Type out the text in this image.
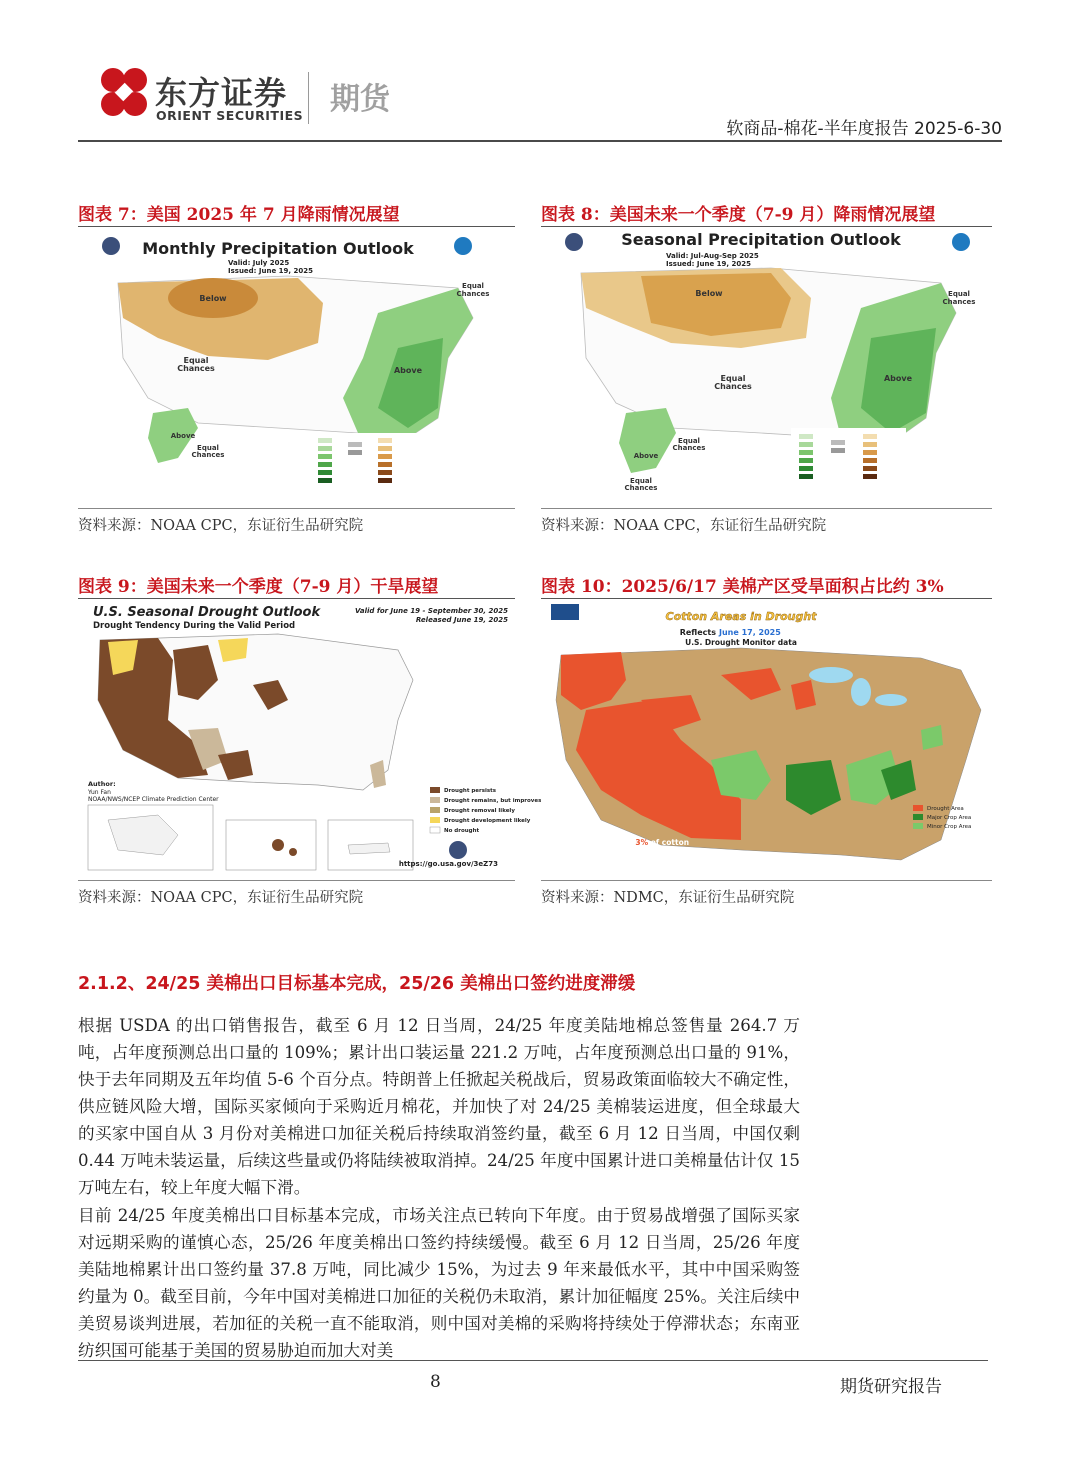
东方证券
ORIENT SECURITIES 期货
软商品-棉花-半年度报告 2025-6-30
图表 7：美国 2025 年 7 月降雨情况展望
Monthly Precipitation Outlook
Valid: July 2025
Issued: June 19, 2025
Below
Above
Equal
Chances
Above
Equal
Chances
Equal
Chances
资料来源：NOAA CPC，东证衍生品研究院
图表 8：美国未来一个季度（7-9 月）降雨情况展望
Seasonal Precipitation Outlook
Valid: Jul-Aug-Sep 2025
Issued: June 19, 2025
Below
Above
Equal
Chances
Above
Equal
Chances
Equal
Chances
Equal
Chances
资料来源：NOAA CPC，东证衍生品研究院
图表 9：美国未来一个季度（7-9 月）干旱展望
U.S. Seasonal Drought Outlook
Drought Tendency During the Valid Period
Valid for June 19 - September 30, 2025
Released June 19, 2025
Author:
Yun Fan
NOAA/NWS/NCEP Climate Prediction Center
Drought persists
Drought remains, but improves
Drought removal likely
Drought development likely
No drought
https://go.usa.gov/3eZ73
资料来源：NOAA CPC，东证衍生品研究院
图表 10：2025/6/17 美棉产区受旱面积占比约 3%
Cotton Areas in Drought
Reflects June 17, 2025
U.S. Drought Monitor data
Approximately 3% of cotton
production is within an area
experiencing drought.
Drought Area
Major Crop Area
Minor Crop Area
资料来源：NDMC，东证衍生品研究院
2.1.2、24/25 美棉出口目标基本完成，25/26 美棉出口签约进度滞缓
根据 USDA 的出口销售报告，截至 6 月 12 日当周，24/25 年度美陆地棉总签售量 264.7 万吨，占年度预测总出口量的 109%；累计出口装运量 221.2 万吨，占年度预测总出口量的 91%，快于去年同期及五年均值 5-6 个百分点。特朗普上任掀起关税战后，贸易政策面临较大不确定性，供应链风险大增，国际买家倾向于采购近月棉花，并加快了对 24/25 美棉装运进度，但全球最大的买家中国自从 3 月份对美棉进口加征关税后持续取消签约量，截至 6 月 12 日当周，中国仅剩 0.44 万吨未装运量，后续这些量或仍将陆续被取消掉。24/25 年度中国累计进口美棉量估计仅 15 万吨左右，较上年度大幅下滑。
目前 24/25 年度美棉出口目标基本完成，市场关注点已转向下年度。由于贸易战增强了国际买家对远期采购的谨慎心态，25/26 年度美棉出口签约持续缓慢。截至 6 月 12 日当周，25/26 年度美陆地棉累计出口签约量 37.8 万吨，同比减少 15%，为过去 9 年来最低水平，其中中国采购签约量为 0。截至目前，今年中国对美棉进口加征的关税仍未取消，累计加征幅度 25%。关注后续中美贸易谈判进展，若加征的关税一直不能取消，则中国对美棉的采购将持续处于停滞状态；东南亚纺织国可能基于美国的贸易胁迫而加大对美
8	期货研究报告
